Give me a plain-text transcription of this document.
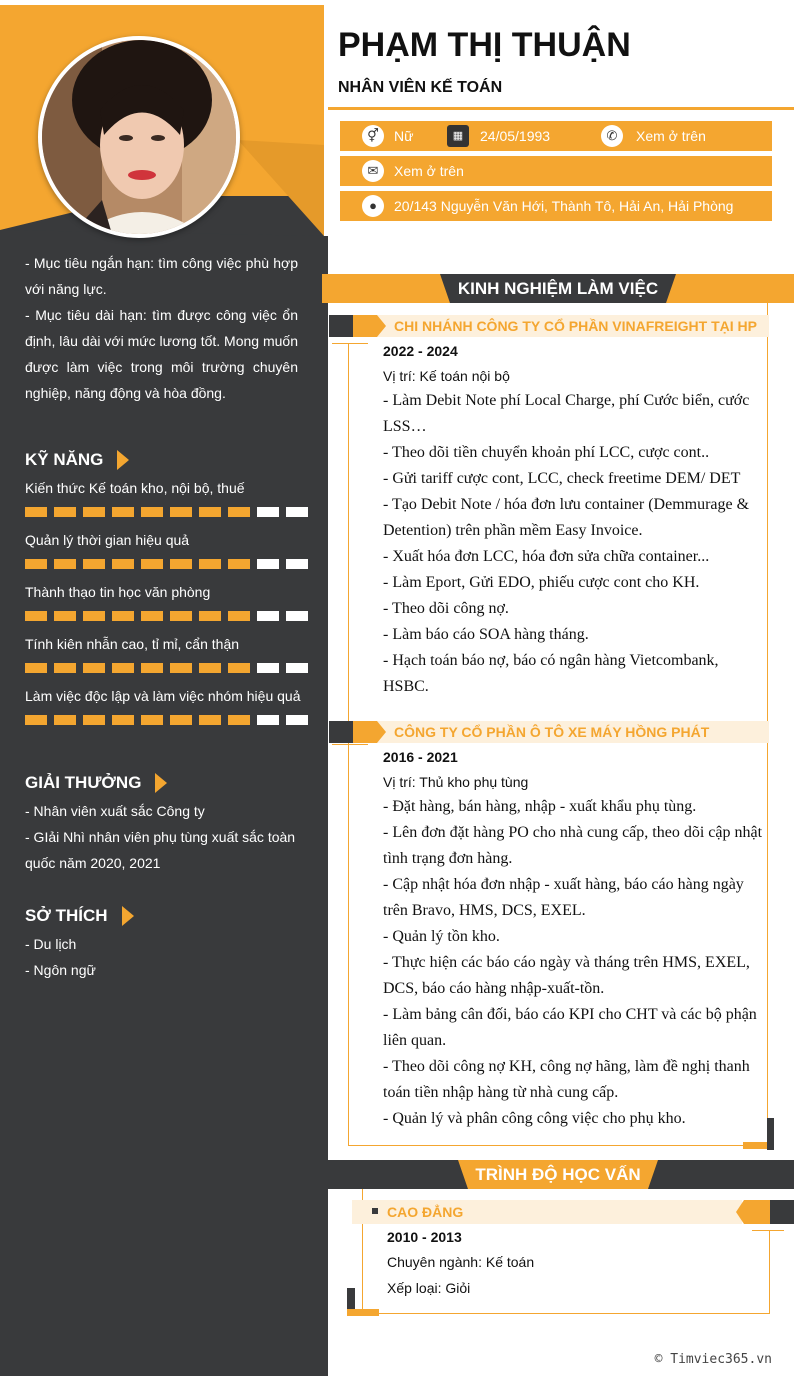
- Mục tiêu ngắn hạn: tìm công việc phù hợp với năng lực.
- Mục tiêu dài hạn: tìm được công việc ổn định, lâu dài với mức lương tốt. Mong muốn được làm việc trong môi trường chuyên nghiệp, năng động và hòa đồng.
KỸ NĂNG
Kiến thức Kế toán kho, nội bộ, thuế
Quản lý thời gian hiệu quả
Thành thạo tin học văn phòng
Tính kiên nhẫn cao, tỉ mỉ, cẩn thận
Làm việc độc lập và làm việc nhóm hiệu quả
GIẢI THƯỞNG
- Nhân viên xuất sắc Công ty
- GIải Nhì nhân viên phụ tùng xuất sắc toàn quốc năm 2020, 2021
SỞ THÍCH
- Du lịch
- Ngôn ngữ
PHẠM THỊ THUẬN
NHÂN VIÊN KẾ TOÁN
⚥	Nữ	▦	24/05/1993	✆	Xem ở trên
✉	Xem ở trên
●	20/143 Nguyễn Văn Hới, Thành Tô, Hải An, Hải Phòng
KINH NGHIỆM LÀM VIỆC
CHI NHÁNH CÔNG TY CỔ PHẦN VINAFREIGHT TẠI HP
2022 - 2024
Vị trí: Kế toán nội bộ
- Làm Debit Note phí Local Charge, phí Cước biển, cước LSS…
- Theo dõi tiền chuyển khoản phí LCC, cược cont..
- Gửi tariff cược cont, LCC, check freetime DEM/ DET
- Tạo Debit Note / hóa đơn lưu container (Demmurage & Detention) trên phần mềm Easy Invoice.
- Xuất hóa đơn LCC, hóa đơn sửa chữa container...
- Làm Eport, Gửi EDO, phiếu cược cont cho KH.
- Theo dõi công nợ.
- Làm báo cáo SOA hàng tháng.
- Hạch toán báo nợ, báo có ngân hàng Vietcombank, HSBC.
CÔNG TY CỔ PHẦN Ô TÔ XE MÁY HỒNG PHÁT
2016 - 2021
Vị trí: Thủ kho phụ tùng
- Đặt hàng, bán hàng, nhập - xuất khẩu phụ tùng.
- Lên đơn đặt hàng PO cho nhà cung cấp, theo dõi cập nhật tình trạng đơn hàng.
- Cập nhật hóa đơn nhập - xuất hàng, báo cáo hàng ngày trên Bravo, HMS, DCS, EXEL.
- Quản lý tồn kho.
- Thực hiện các báo cáo ngày và tháng trên HMS, EXEL, DCS, báo cáo hàng nhập-xuất-tồn.
- Làm bảng cân đối, báo cáo KPI cho CHT và các bộ phận liên quan.
- Theo dõi công nợ KH, công nợ hãng, làm đề nghị thanh toán tiền nhập hàng từ nhà cung cấp.
- Quản lý và phân công công việc cho phụ kho.
TRÌNH ĐỘ HỌC VẤN
CAO ĐẲNG
2010 - 2013
Chuyên ngành: Kế toán
Xếp loại: Giỏi
© Timviec365.vn
